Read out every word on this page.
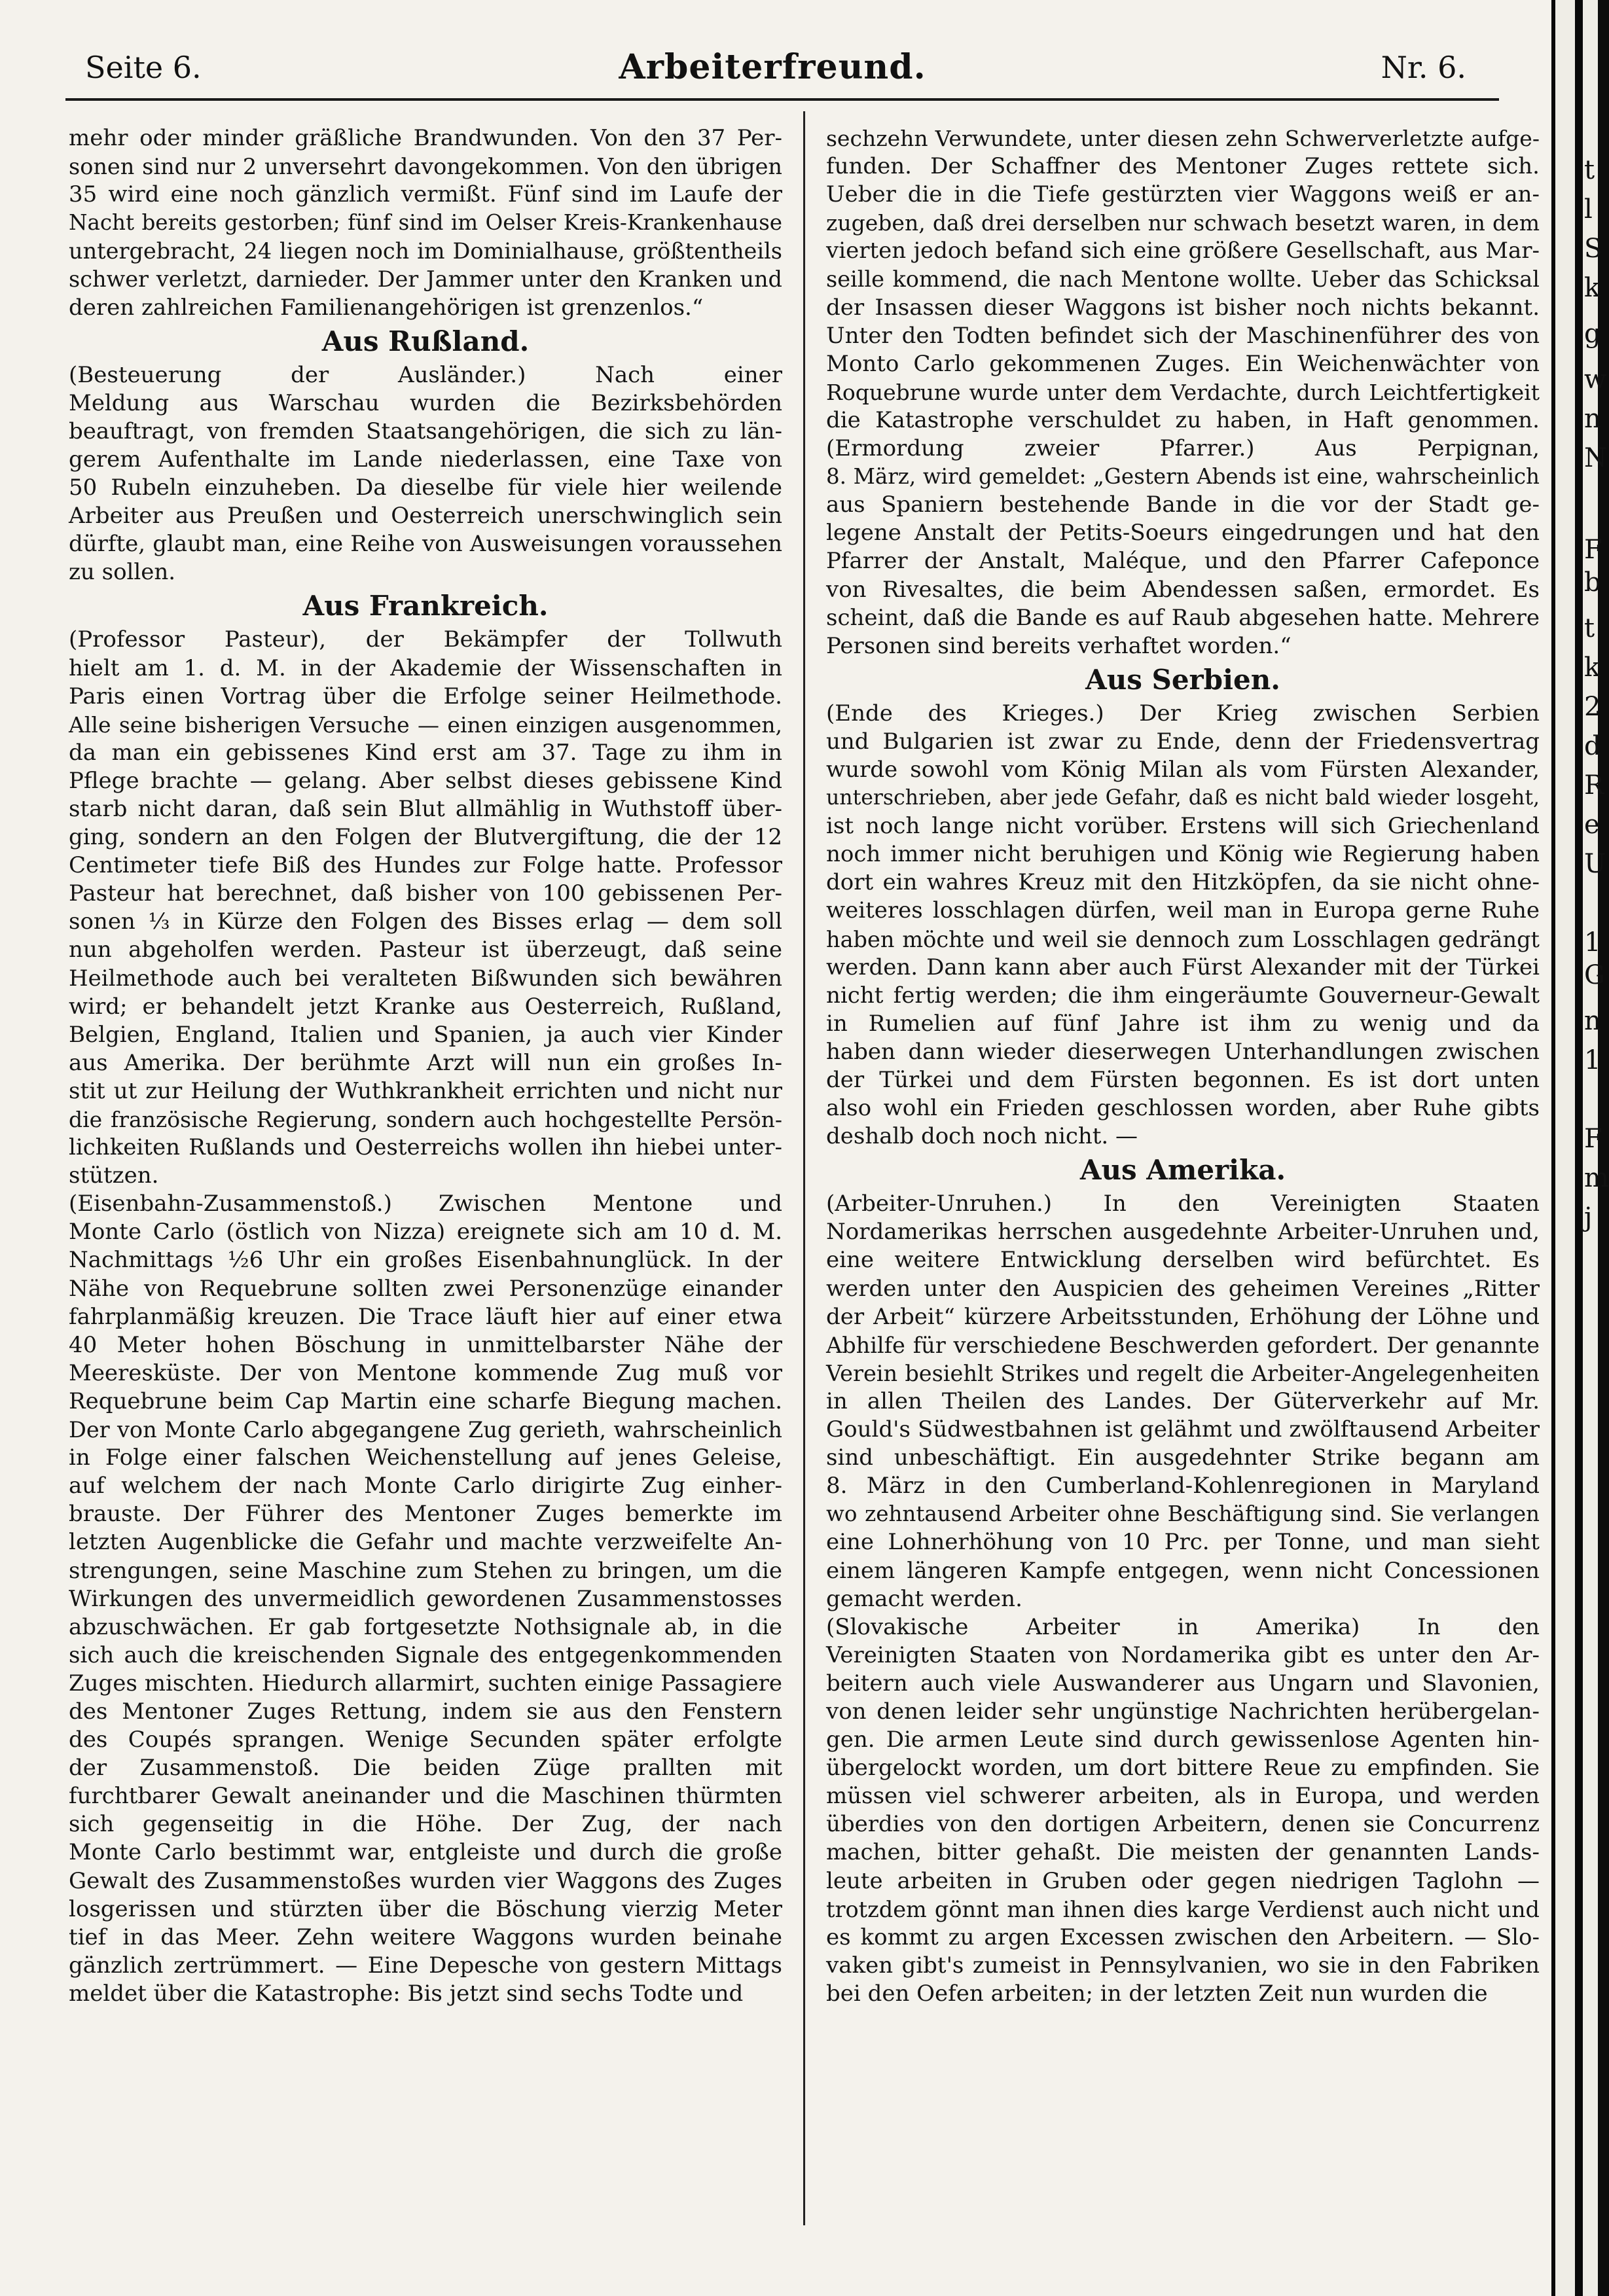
Seite 6.	Arbeiterfreund.	Nr. 6.
mehr oder minder gräßliche Brandwunden. Von den 37 Per-
sonen sind nur 2 unversehrt davongekommen. Von den übrigen
35 wird eine noch gänzlich vermißt. Fünf sind im Laufe der
Nacht bereits gestorben; fünf sind im Oelser Kreis-Krankenhause
untergebracht, 24 liegen noch im Dominialhause, größtentheils
schwer verletzt, darnieder. Der Jammer unter den Kranken und
deren zahlreichen Familienangehörigen ist grenzenlos.“
Aus Rußland.
(Besteuerung der Ausländer.) Nach einer
Meldung aus Warschau wurden die Bezirksbehörden
beauftragt, von fremden Staatsangehörigen, die sich zu län-
gerem Aufenthalte im Lande niederlassen, eine Taxe von
50 Rubeln einzuheben. Da dieselbe für viele hier weilende
Arbeiter aus Preußen und Oesterreich unerschwinglich sein
dürfte, glaubt man, eine Reihe von Ausweisungen voraussehen
zu sollen.
Aus Frankreich.
(Professor Pasteur), der Bekämpfer der Tollwuth
hielt am 1. d. M. in der Akademie der Wissenschaften in
Paris einen Vortrag über die Erfolge seiner Heilmethode.
Alle seine bisherigen Versuche — einen einzigen ausgenommen,
da man ein gebissenes Kind erst am 37. Tage zu ihm in
Pflege brachte — gelang. Aber selbst dieses gebissene Kind
starb nicht daran, daß sein Blut allmählig in Wuthstoff über-
ging, sondern an den Folgen der Blutvergiftung, die der 12
Centimeter tiefe Biß des Hundes zur Folge hatte. Professor
Pasteur hat berechnet, daß bisher von 100 gebissenen Per-
sonen ⅓ in Kürze den Folgen des Bisses erlag — dem soll
nun abgeholfen werden. Pasteur ist überzeugt, daß seine
Heilmethode auch bei veralteten Bißwunden sich bewähren
wird; er behandelt jetzt Kranke aus Oesterreich, Rußland,
Belgien, England, Italien und Spanien, ja auch vier Kinder
aus Amerika. Der berühmte Arzt will nun ein großes In-
stit ut zur Heilung der Wuthkrankheit errichten und nicht nur
die französische Regierung, sondern auch hochgestellte Persön-
lichkeiten Rußlands und Oesterreichs wollen ihn hiebei unter-
stützen.
(Eisenbahn-Zusammenstoß.) Zwischen Mentone und
Monte Carlo (östlich von Nizza) ereignete sich am 10 d. M.
Nachmittags ½6 Uhr ein großes Eisenbahnunglück. In der
Nähe von Requebrune sollten zwei Personenzüge einander
fahrplanmäßig kreuzen. Die Trace läuft hier auf einer etwa
40 Meter hohen Böschung in unmittelbarster Nähe der
Meeresküste. Der von Mentone kommende Zug muß vor
Requebrune beim Cap Martin eine scharfe Biegung machen.
Der von Monte Carlo abgegangene Zug gerieth, wahrscheinlich
in Folge einer falschen Weichenstellung auf jenes Geleise,
auf welchem der nach Monte Carlo dirigirte Zug einher-
brauste. Der Führer des Mentoner Zuges bemerkte im
letzten Augenblicke die Gefahr und machte verzweifelte An-
strengungen, seine Maschine zum Stehen zu bringen, um die
Wirkungen des unvermeidlich gewordenen Zusammenstosses
abzuschwächen. Er gab fortgesetzte Nothsignale ab, in die
sich auch die kreischenden Signale des entgegenkommenden
Zuges mischten. Hiedurch allarmirt, suchten einige Passagiere
des Mentoner Zuges Rettung, indem sie aus den Fenstern
des Coupés sprangen. Wenige Secunden später erfolgte
der Zusammenstoß. Die beiden Züge prallten mit
furchtbarer Gewalt aneinander und die Maschinen thürmten
sich gegenseitig in die Höhe. Der Zug, der nach
Monte Carlo bestimmt war, entgleiste und durch die große
Gewalt des Zusammenstoßes wurden vier Waggons des Zuges
losgerissen und stürzten über die Böschung vierzig Meter
tief in das Meer. Zehn weitere Waggons wurden beinahe
gänzlich zertrümmert. — Eine Depesche von gestern Mittags
meldet über die Katastrophe: Bis jetzt sind sechs Todte und
sechzehn Verwundete, unter diesen zehn Schwerverletzte aufge-
funden. Der Schaffner des Mentoner Zuges rettete sich.
Ueber die in die Tiefe gestürzten vier Waggons weiß er an-
zugeben, daß drei derselben nur schwach besetzt waren, in dem
vierten jedoch befand sich eine größere Gesellschaft, aus Mar-
seille kommend, die nach Mentone wollte. Ueber das Schicksal
der Insassen dieser Waggons ist bisher noch nichts bekannt.
Unter den Todten befindet sich der Maschinenführer des von
Monto Carlo gekommenen Zuges. Ein Weichenwächter von
Roquebrune wurde unter dem Verdachte, durch Leichtfertigkeit
die Katastrophe verschuldet zu haben, in Haft genommen.
(Ermordung zweier Pfarrer.) Aus Perpignan,
8. März, wird gemeldet: „Gestern Abends ist eine, wahrscheinlich
aus Spaniern bestehende Bande in die vor der Stadt ge-
legene Anstalt der Petits-Soeurs eingedrungen und hat den
Pfarrer der Anstalt, Maléque, und den Pfarrer Cafeponce
von Rivesaltes, die beim Abendessen saßen, ermordet. Es
scheint, daß die Bande es auf Raub abgesehen hatte. Mehrere
Personen sind bereits verhaftet worden.“
Aus Serbien.
(Ende des Krieges.) Der Krieg zwischen Serbien
und Bulgarien ist zwar zu Ende, denn der Friedensvertrag
wurde sowohl vom König Milan als vom Fürsten Alexander,
unterschrieben, aber jede Gefahr, daß es nicht bald wieder losgeht,
ist noch lange nicht vorüber. Erstens will sich Griechenland
noch immer nicht beruhigen und König wie Regierung haben
dort ein wahres Kreuz mit den Hitzköpfen, da sie nicht ohne-
weiteres losschlagen dürfen, weil man in Europa gerne Ruhe
haben möchte und weil sie dennoch zum Losschlagen gedrängt
werden. Dann kann aber auch Fürst Alexander mit der Türkei
nicht fertig werden; die ihm eingeräumte Gouverneur-Gewalt
in Rumelien auf fünf Jahre ist ihm zu wenig und da
haben dann wieder dieserwegen Unterhandlungen zwischen
der Türkei und dem Fürsten begonnen. Es ist dort unten
also wohl ein Frieden geschlossen worden, aber Ruhe gibts
deshalb doch noch nicht. —
Aus Amerika.
(Arbeiter-Unruhen.) In den Vereinigten Staaten
Nordamerikas herrschen ausgedehnte Arbeiter-Unruhen und,
eine weitere Entwicklung derselben wird befürchtet. Es
werden unter den Auspicien des geheimen Vereines „Ritter
der Arbeit“ kürzere Arbeitsstunden, Erhöhung der Löhne und
Abhilfe für verschiedene Beschwerden gefordert. Der genannte
Verein besiehlt Strikes und regelt die Arbeiter-Angelegenheiten
in allen Theilen des Landes. Der Güterverkehr auf Mr.
Gould's Südwestbahnen ist gelähmt und zwölftausend Arbeiter
sind unbeschäftigt. Ein ausgedehnter Strike begann am
8. März in den Cumberland-Kohlenregionen in Maryland
wo zehntausend Arbeiter ohne Beschäftigung sind. Sie verlangen
eine Lohnerhöhung von 10 Prc. per Tonne, und man sieht
einem längeren Kampfe entgegen, wenn nicht Concessionen
gemacht werden.
(Slovakische Arbeiter in Amerika) In den
Vereinigten Staaten von Nordamerika gibt es unter den Ar-
beitern auch viele Auswanderer aus Ungarn und Slavonien,
von denen leider sehr ungünstige Nachrichten herübergelan-
gen. Die armen Leute sind durch gewissenlose Agenten hin-
übergelockt worden, um dort bittere Reue zu empfinden. Sie
müssen viel schwerer arbeiten, als in Europa, und werden
überdies von den dortigen Arbeitern, denen sie Concurrenz
machen, bitter gehaßt. Die meisten der genannten Lands-
leute arbeiten in Gruben oder gegen niedrigen Taglohn —
trotzdem gönnt man ihnen dies karge Verdienst auch nicht und
es kommt zu argen Excessen zwischen den Arbeitern. — Slo-
vaken gibt's zumeist in Pennsylvanien, wo sie in den Fabriken
bei den Oefen arbeiten; in der letzten Zeit nun wurden die
t
l
S
k
g
w
n
N
F
b
t
k
2
d
R
e
U
1
G
n
1
F
m
j
